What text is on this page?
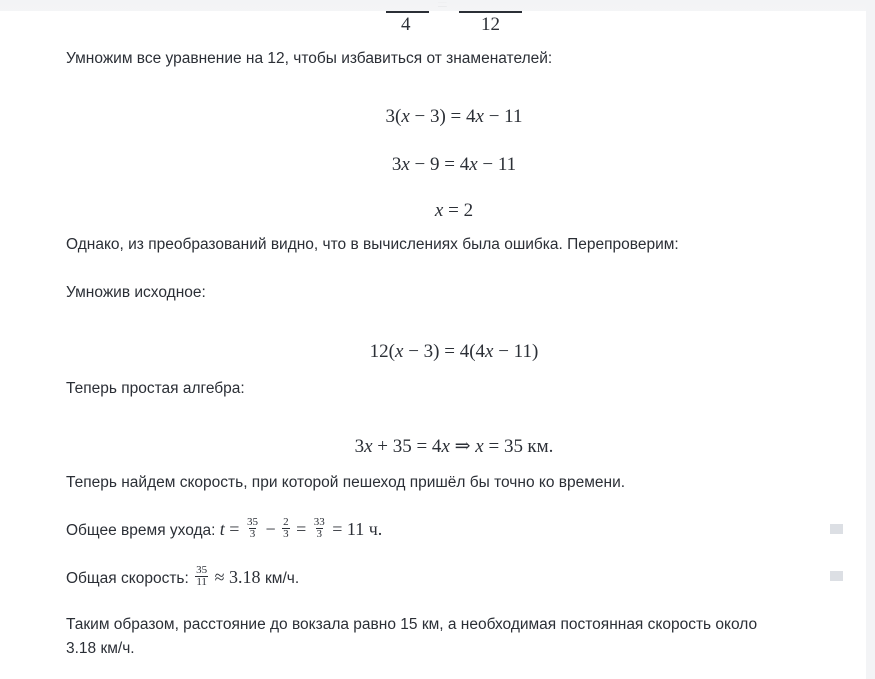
4	12
Умножим все уравнение на 12, чтобы избавиться от знаменателей:
3(x − 3) = 4x − 11
3x − 9 = 4x − 11
x = 2
Однако, из преобразований видно, что в вычислениях была ошибка. Перепроверим:
Умножив исходное:
12(x − 3) = 4(4x − 11)
Теперь простая алгебра:
3x + 35 = 4x ⇒ x = 35 км.
Теперь найдем скорость, при которой пешеход пришёл бы точно ко времени.
Общее время ухода: $t = \frac{35}{3} - \frac{2}{3} = \frac{33}{3} = 11$ ч.
Общая скорость: $\frac{35}{11} \approx 3.18$ км/ч.
Таким образом, расстояние до вокзала равно 15 км, а необходимая постоянная скорость около
3.18 км/ч.
